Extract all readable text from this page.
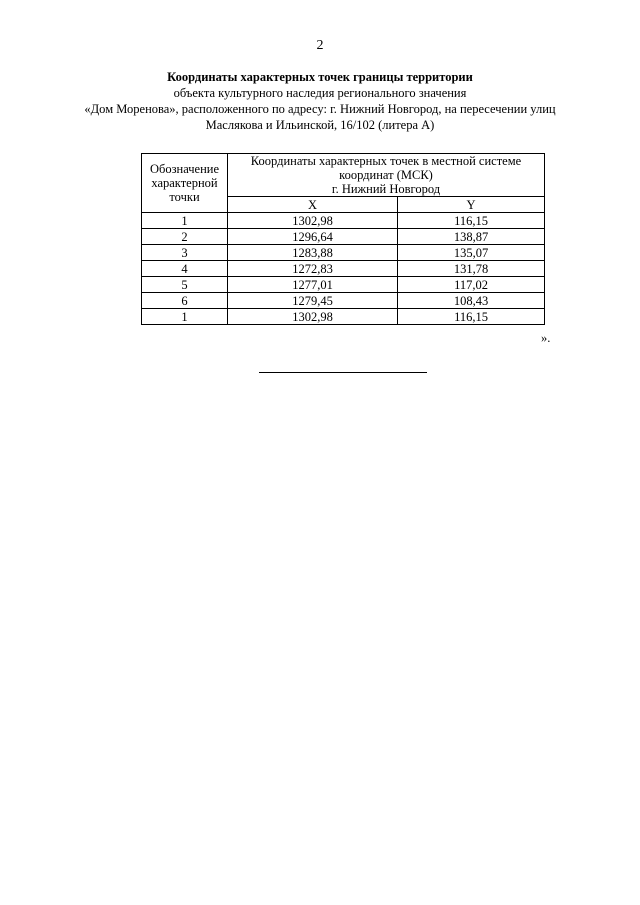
2
Координаты характерных точек границы территории
объекта культурного наследия регионального значения
«Дом Моренова», расположенного по адресу: г. Нижний Новгород, на пересечении улиц
Маслякова и Ильинской, 16/102 (литера А)
Обозначение характерной точки	Координаты характерных точек в местной системе
координат (МСК)
г. Нижний Новгород	

	X	Y
1	1302,98	116,15
2	1296,64	138,87
3	1283,88	135,07
4	1272,83	131,78
5	1277,01	117,02
6	1279,45	108,43
1	1302,98	116,15
».
